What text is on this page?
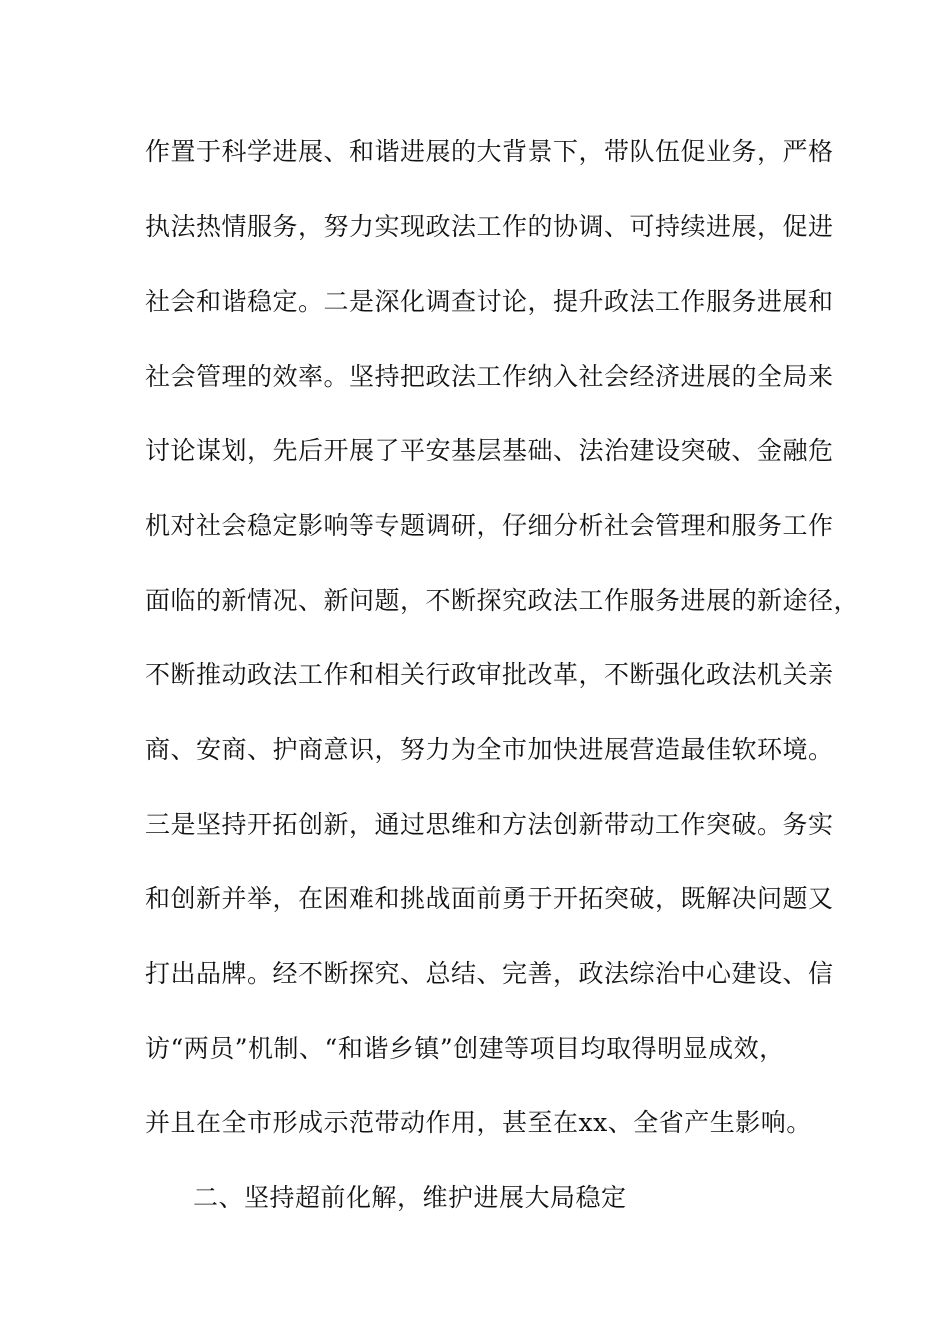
作置于科学进展、和谐进展的大背景下，带队伍促业务，严格
执法热情服务，努力实现政法工作的协调、可持续进展，促进
社会和谐稳定。二是深化调查讨论，提升政法工作服务进展和
社会管理的效率。坚持把政法工作纳入社会经济进展的全局来
讨论谋划，先后开展了平安基层基础、法治建设突破、金融危
机对社会稳定影响等专题调研，仔细分析社会管理和服务工作
面临的新情况、新问题，不断探究政法工作服务进展的新途径，
不断推动政法工作和相关行政审批改革，不断强化政法机关亲
商、安商、护商意识，努力为全市加快进展营造最佳软环境。
三是坚持开拓创新，通过思维和方法创新带动工作突破。务实
和创新并举，在困难和挑战面前勇于开拓突破，既解决问题又
打出品牌。经不断探究、总结、完善，政法综治中心建设、信
访“两员”机制、“和谐乡镇”创建等项目均取得明显成效，
并且在全市形成示范带动作用，甚至在xx、全省产生影响。
二、坚持超前化解，维护进展大局稳定
